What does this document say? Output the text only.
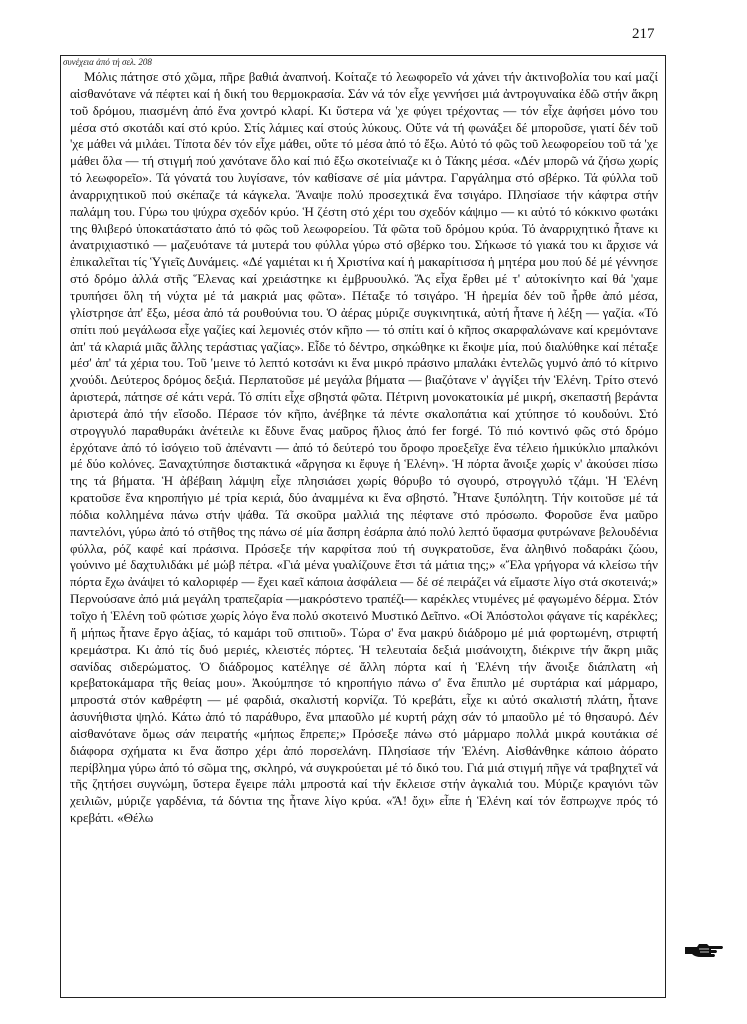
217
συνέχεια ἀπό τή σελ. 208

Μόλις πάτησε στό χῶμα, πῆρε βαθιά ἀναπνοή. Κοίταζε τό λεωφορεῖο νά χάνει τήν ἀκτινοβολία του καί μαζί αἰσθανότανε νά πέφτει καί ἡ δική του θερμοκρασία. Σάν νά τόν εἶχε γεννήσει μιά ἀντρογυναίκα ἐδῶ στήν ἄκρη τοῦ δρόμου, πιασμένη ἀπό ἕνα χοντρό κλαρί. Κι ὕστερα νά 'χε φύγει τρέχοντας — τόν εἶχε ἀφήσει μόνο του μέσα στό σκοτάδι καί στό κρύο. Στίς λάμιες καί στούς λύκους. Οὔτε νά τή φωνάξει δέ μποροῦσε, γιατί δέν τοῦ 'χε μάθει νά μιλάει. Τίποτα δέν τόν εἶχε μάθει, οὔτε τό μέσα ἀπό τό ἔξω. Αὐτό τό φῶς τοῦ λεωφορείου τοῦ τά 'χε μάθει ὅλα — τή στιγμή πού χανότανε ὅλο καί πιό ἔξω σκοτείνιαζε κι ὁ Τάκης μέσα. «Δέν μπορῶ νά ζήσω χωρίς τό λεωφορεῖο». Τά γόνατά του λυγίσανε, τόν καθίσανε σέ μία μάντρα. Γαργάλημα στό σβέρκο. Τά φύλλα τοῦ ἀναρριχητικοῦ πού σκέπαζε τά κάγκελα. Ἄναψε πολύ προσεχτικά ἕνα τσιγάρο. Πλησίασε τήν κάφτρα στήν παλάμη του. Γύρω του ψύχρα σχεδόν κρύο. Ἡ ζέστη στό χέρι του σχεδόν κάψιμο — κι αὐτό τό κόκκινο φωτάκι της θλιβερό ὑποκατάστατο ἀπό τό φῶς τοῦ λεωφορείου. Τά φῶτα τοῦ δρόμου κρύα. Τό ἀναρριχητικό ἦτανε κι ἀνατριχιαστικό — μαζευότανε τά μυτερά του φύλλα γύρω στό σβέρκο του. Σήκωσε τό γιακά του κι ἄρχισε νά ἐπικαλεῖται τίς Ὑγιεῖς Δυνάμεις. «Δέ γαμιέται κι ἡ Χριστίνα καί ἡ μακαρίτισσα ἡ μητέρα μου πού δέ μέ γέννησε στό δρόμο ἀλλά στῆς Ἕλενας καί χρειάστηκε κι ἐμβρυουλκό. Ἄς εἶχα ἔρθει μέ τ' αὐτοκίνητο καί θά 'χαμε τρυπήσει ὅλη τή νύχτα μέ τά μακριά μας φῶτα». Πέταξε τό τσιγάρο. Ἡ ἠρεμία δέν τοῦ ἦρθε ἀπό μέσα, γλίστρησε ἀπ' ἔξω, μέσα ἀπό τά ρουθούνια του. Ὁ ἀέρας μύριζε συγκινητικά, αὐτή ἦτανε ἡ λέξη — γαζία. «Τό σπίτι πού μεγάλωσα εἶχε γαζίες καί λεμονιές στόν κῆπο — τό σπίτι καί ὁ κῆπος σκαρφαλώνανε καί κρεμόντανε ἀπ' τά κλαριά μιᾶς ἄλλης τεράστιας γαζίας». Εἶδε τό δέντρο, σηκώθηκε κι ἔκοψε μία, πού διαλύθηκε καί πέταξε μέσ' ἀπ' τά χέρια του. Τοῦ 'μεινε τό λεπτό κοτσάνι κι ἕνα μικρό πράσινο μπαλάκι ἐντελῶς γυμνό ἀπό τό κίτρινο χνούδι. Δεύτερος δρόμος δεξιά. Περπατοῦσε μέ μεγάλα βήματα — βιαζότανε ν' ἀγγίξει τήν Ἑλένη. Τρίτο στενό ἀριστερά, πάτησε σέ κάτι νερά. Τό σπίτι εἶχε σβηστά φῶτα. Πέτρινη μονοκατοικία μέ μικρή, σκεπαστή βεράντα ἀριστερά ἀπό τήν εἴσοδο. Πέρασε τόν κῆπο, ἀνέβηκε τά πέντε σκαλοπάτια καί χτύπησε τό κουδούνι. Στό στρογγυλό παραθυράκι ἀνέτειλε κι ἔδυνε ἕνας μαῦρος ἥλιος ἀπό fer forgé. Τό πιό κοντινό φῶς στό δρόμο ἐρχότανε ἀπό τό ἰσόγειο τοῦ ἀπέναντι — ἀπό τό δεύτερό του ὄροφο προεξεῖχε ἕνα τέλειο ἡμικύκλιο μπαλκόνι μέ δύο κολόνες. Ξαναχτύπησε διστακτικά «ἄργησα κι ἔφυγε ἡ Ἑλένη». Ἡ πόρτα ἄνοιξε χωρίς ν' ἀκούσει πίσω της τά βήματα. Ἡ ἀβέβαιη λάμψη εἶχε πλησιάσει χωρίς θόρυβο τό σγουρό, στρογγυλό τζάμι. Ἡ Ἑλένη κρατοῦσε ἕνα κηροπήγιο μέ τρία κεριά, δύο ἀναμμένα κι ἕνα σβηστό. Ἦτανε ξυπόλητη. Τήν κοιτοῦσε μέ τά πόδια κολλημένα πάνω στήν ψάθα. Τά σκοῦρα μαλλιά της πέφτανε στό πρόσωπο. Φοροῦσε ἕνα μαῦρο παντελόνι, γύρω ἀπό τό στῆθος της πάνω σέ μία ἄσπρη ἐσάρπα ἀπό πολύ λεπτό ὕφασμα φυτρώνανε βελουδένια φύλλα, ρόζ καφέ καί πράσινα. Πρόσεξε τήν καρφίτσα πού τή συγκρατοῦσε, ἕνα ἀληθινό ποδαράκι ζώου, γούνινο μέ δαχτυλιδάκι μέ μώβ πέτρα. «Γιά μένα γυαλίζουνε ἔτσι τά μάτια της;» «Ἔλα γρήγορα νά κλείσω τήν πόρτα ἔχω ἀνάψει τό καλοριφέρ — ἔχει καεῖ κάποια ἀσφάλεια — δέ σέ πειράζει νά εἴμαστε λίγο στά σκοτεινά;» Περνούσανε ἀπό μιά μεγάλη τραπεζαρία —μακρόστενο τραπέζι— καρέκλες ντυμένες μέ φαγωμένο δέρμα. Στόν τοῖχο ἡ Ἑλένη τοῦ φώτισε χωρίς λόγο ἕνα πολύ σκοτεινό Μυστικό Δεῖπνο. «Οἱ Ἀπόστολοι φάγανε τίς καρέκλες; ἤ μήπως ἦτανε ἔργο ἀξίας, τό καμάρι τοῦ σπιτιοῦ». Τώρα σ' ἕνα μακρύ διάδρομο μέ μιά φορτωμένη, στριφτή κρεμάστρα. Κι ἀπό τίς δυό μεριές, κλειστές πόρτες. Ἡ τελευταία δεξιά μισάνοιχτη, διέκρινε τήν ἄκρη μιᾶς σανίδας σιδερώματος. Ὁ διάδρομος κατέληγε σέ ἄλλη πόρτα καί ἡ Ἑλένη τήν ἄνοιξε διάπλατη «ἡ κρεβατοκάμαρα τῆς θείας μου». Ἀκούμπησε τό κηροπήγιο πάνω σ' ἕνα ἔπιπλο μέ συρτάρια καί μάρμαρο, μπροστά στόν καθρέφτη — μέ φαρδιά, σκαλιστή κορνίζα. Τό κρεβάτι, εἶχε κι αὐτό σκαλιστή πλάτη, ἦτανε ἀσυνήθιστα ψηλό. Κάτω ἀπό τό παράθυρο, ἕνα μπαοῦλο μέ κυρτή ράχη σάν τό μπαοῦλο μέ τό θησαυρό. Δέν αἰσθανότανε ὅμως σάν πειρατής «μήπως ἔπρεπε;» Πρόσεξε πάνω στό μάρμαρο πολλά μικρά κουτάκια σέ διάφορα σχήματα κι ἕνα ἄσπρο χέρι ἀπό πορσελάνη. Πλησίασε τήν Ἑλένη. Αἰσθάνθηκε κάποιο ἀόρατο περίβλημα γύρω ἀπό τό σῶμα της, σκληρό, νά συγκρούεται μέ τό δικό του. Γιά μιά στιγμή πῆγε νά τραβηχτεῖ νά τῆς ζητήσει συγνώμη, ὕστερα ἔγειρε πάλι μπροστά καί τήν ἔκλεισε στήν ἀγκαλιά του. Μύριζε κραγιόνι τῶν χειλιῶν, μύριζε γαρδένια, τά δόντια της ἦτανε λίγο κρύα. «Ἄ! ὄχι» εἶπε ἡ Ἑλένη καί τόν ἔσπρωχνε πρός τό κρεβάτι. «Θέλω
